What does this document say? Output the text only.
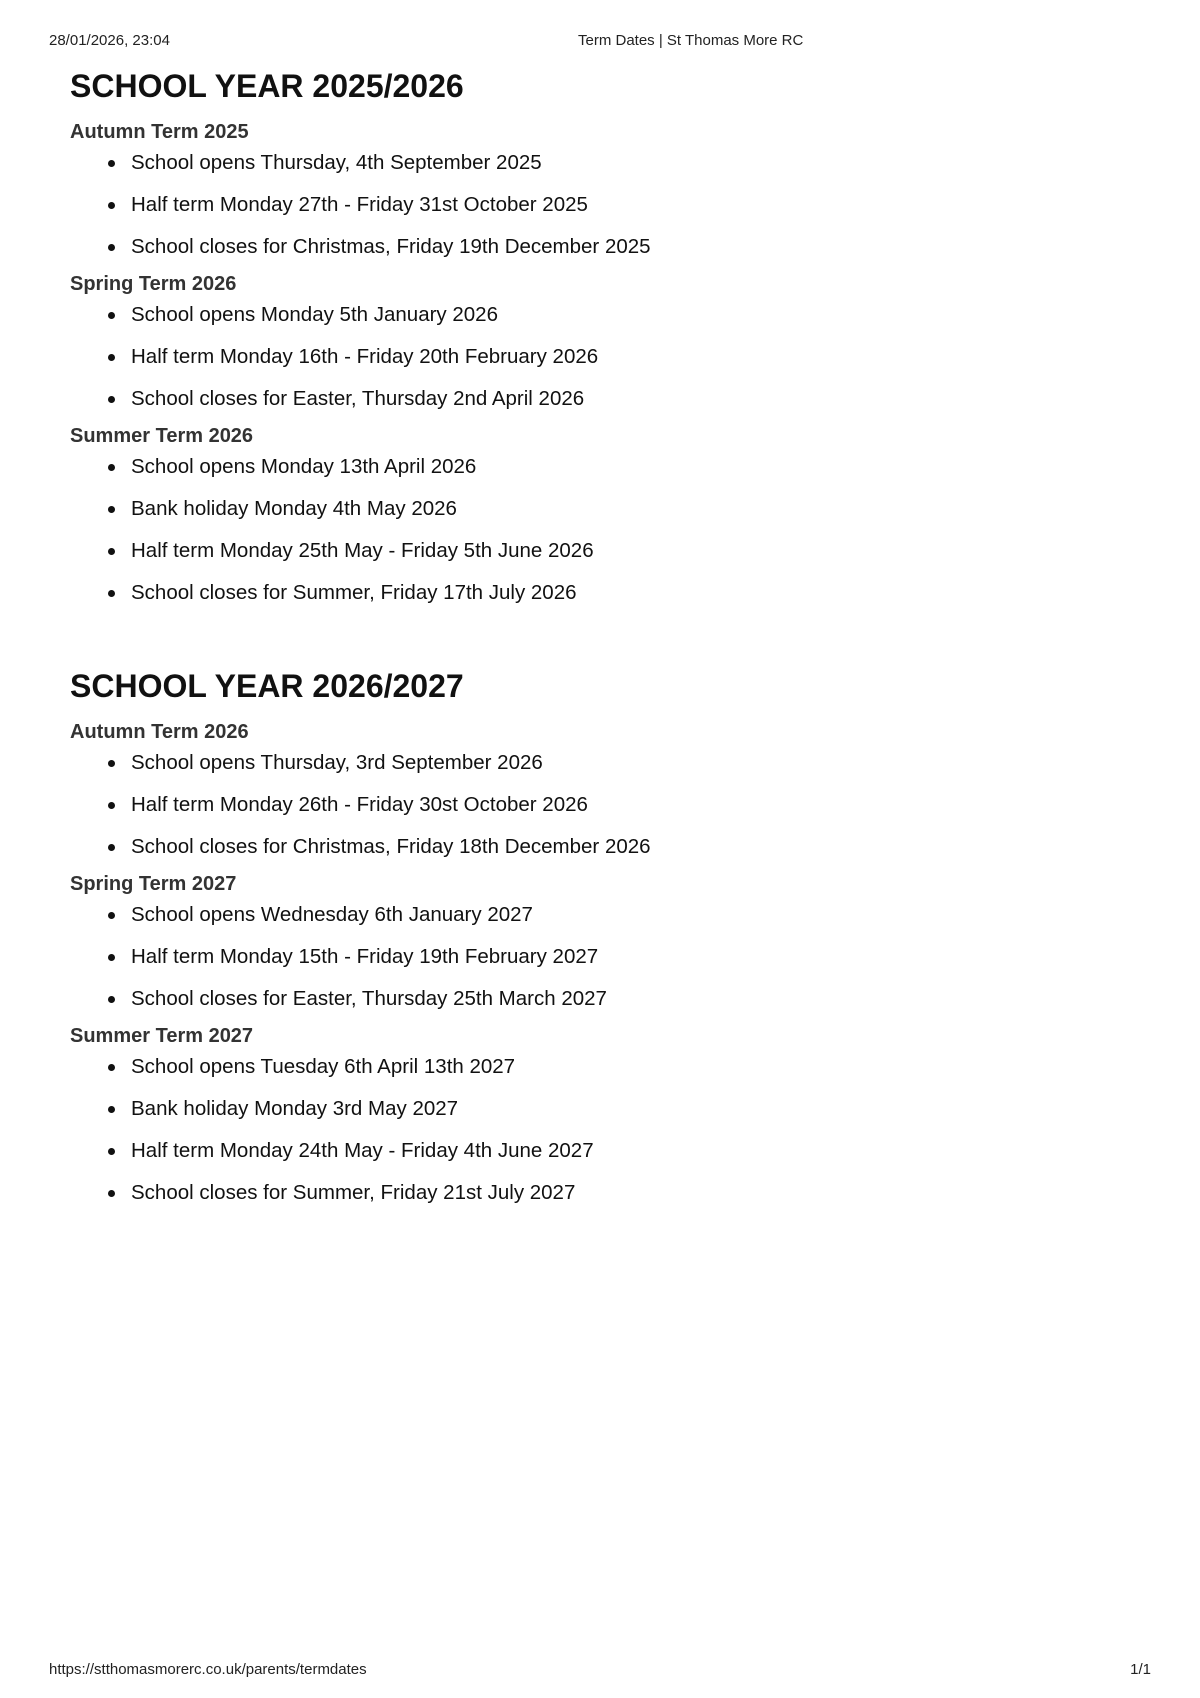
28/01/2026, 23:04	Term Dates | St Thomas More RC
SCHOOL YEAR 2025/2026
Autumn Term 2025
School opens Thursday, 4th September 2025
Half term Monday 27th - Friday 31st October 2025
School closes for Christmas, Friday 19th December 2025
Spring Term 2026
School opens Monday 5th January 2026
Half term Monday 16th - Friday 20th February 2026
School closes for Easter, Thursday 2nd April 2026
Summer Term 2026
School opens Monday 13th April 2026
Bank holiday Monday 4th May 2026
Half term Monday 25th May - Friday 5th June 2026
School closes for Summer, Friday 17th July 2026
SCHOOL YEAR 2026/2027
Autumn Term 2026
School opens Thursday, 3rd September 2026
Half term Monday 26th - Friday 30st October 2026
School closes for Christmas, Friday 18th December 2026
Spring Term 2027
School opens Wednesday 6th January 2027
Half term Monday 15th - Friday 19th February 2027
School closes for Easter, Thursday 25th March 2027
Summer Term 2027
School opens Tuesday 6th April 13th 2027
Bank holiday Monday 3rd May 2027
Half term Monday 24th May - Friday 4th June 2027
School closes for Summer, Friday 21st July 2027
https://stthomasmorerc.co.uk/parents/termdates	1/1
